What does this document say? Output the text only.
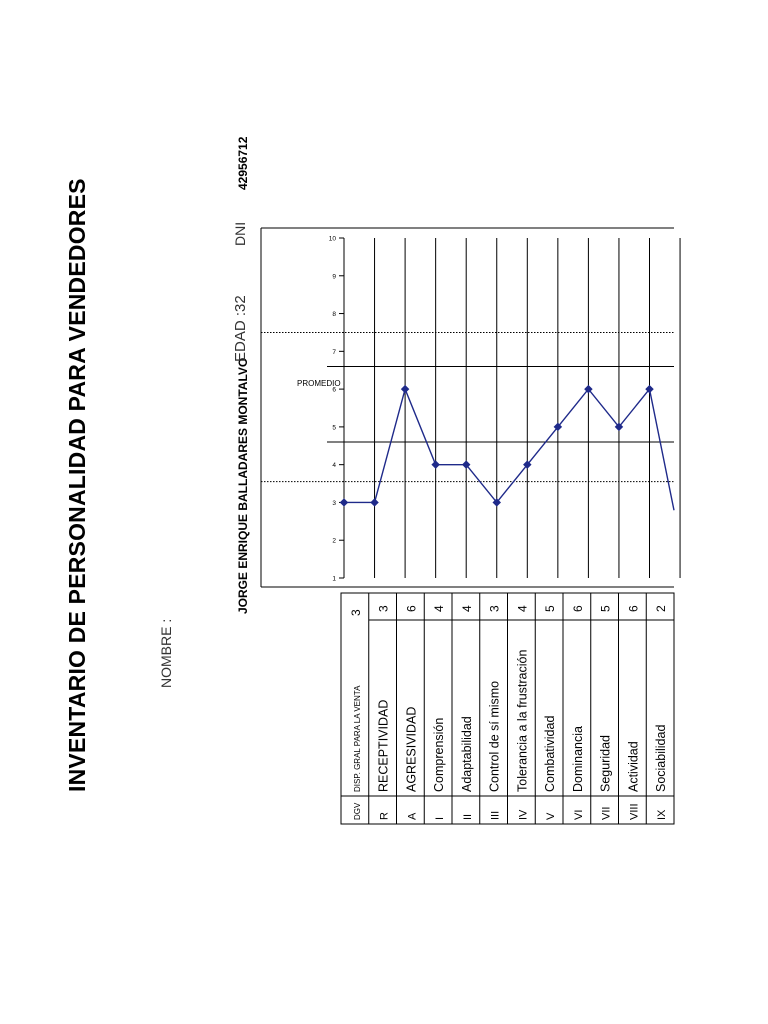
INVENTARIO DE PERSONALIDAD PARA VENDEDORES	NOMBRE :
JORGE ENRIQUE BALLADARES MONTALVO
EDAD :32
DNI
42956712
1
2
3
4
5
6
7
8
9
10
PROMEDIO
DGV
DISP. GRAL PARA LA VENTA
3
R
RECEPTIVIDAD
3
A
AGRESIVIDAD
6
I
Comprensión
4
II
Adaptabilidad
4
III
Control de sí mismo
3
IV
Tolerancia a la frustración
4
V
Combatividad
5
VI
Dominancia
6
VII
Seguridad
5
VIII
Actividad
6
IX
Sociabilidad
2
